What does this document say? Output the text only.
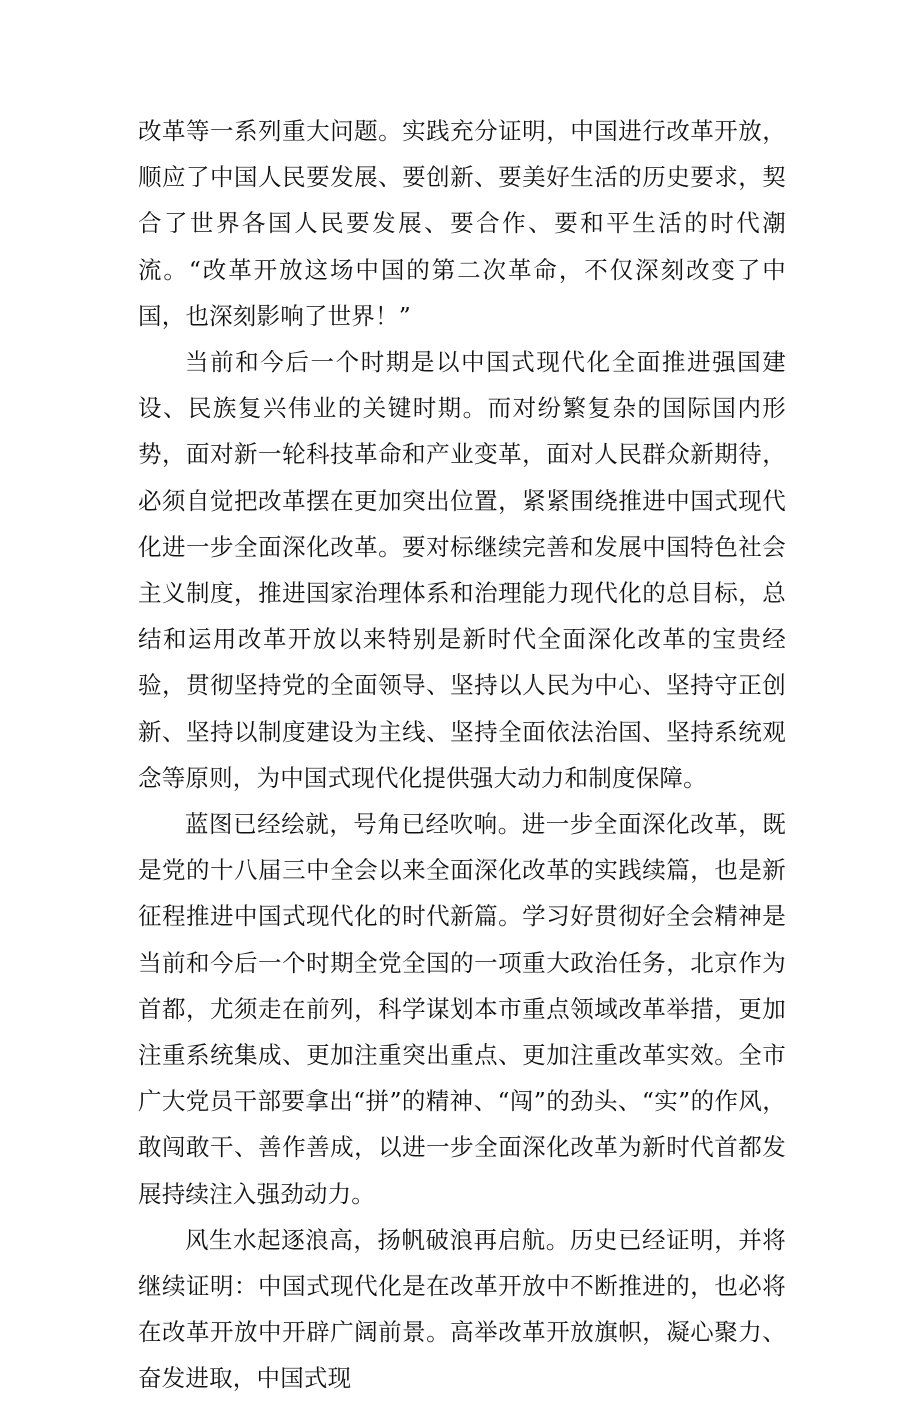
改革等一系列重大问题。实践充分证明，中国进行改革开放，顺应了中国人民要发展、要创新、要美好生活的历史要求，契合了世界各国人民要发展、要合作、要和平生活的时代潮流。“改革开放这场中国的第二次革命，不仅深刻改变了中国，也深刻影响了世界！”

当前和今后一个时期是以中国式现代化全面推进强国建设、民族复兴伟业的关键时期。而对纷繁复杂的国际国内形势，面对新一轮科技革命和产业变革，面对人民群众新期待，必须自觉把改革摆在更加突出位置，紧紧围绕推进中国式现代化进一步全面深化改革。要对标继续完善和发展中国特色社会主义制度，推进国家治理体系和治理能力现代化的总目标，总结和运用改革开放以来特别是新时代全面深化改革的宝贵经验，贯彻坚持党的全面领导、坚持以人民为中心、坚持守正创新、坚持以制度建设为主线、坚持全面依法治国、坚持系统观念等原则，为中国式现代化提供强大动力和制度保障。

蓝图已经绘就，号角已经吹响。进一步全面深化改革，既是党的十八届三中全会以来全面深化改革的实践续篇，也是新征程推进中国式现代化的时代新篇。学习好贯彻好全会精神是当前和今后一个时期全党全国的一项重大政治任务，北京作为首都，尤须走在前列，科学谋划本市重点领域改革举措，更加注重系统集成、更加注重突出重点、更加注重改革实效。全市广大党员干部要拿出“拼”的精神、“闯”的劲头、“实”的作风，敢闯敢干、善作善成，以进一步全面深化改革为新时代首都发展持续注入强劲动力。

风生水起逐浪高，扬帆破浪再启航。历史已经证明，并将继续证明：中国式现代化是在改革开放中不断推进的，也必将在改革开放中开辟广阔前景。高举改革开放旗帜，凝心聚力、奋发进取，中国式现
